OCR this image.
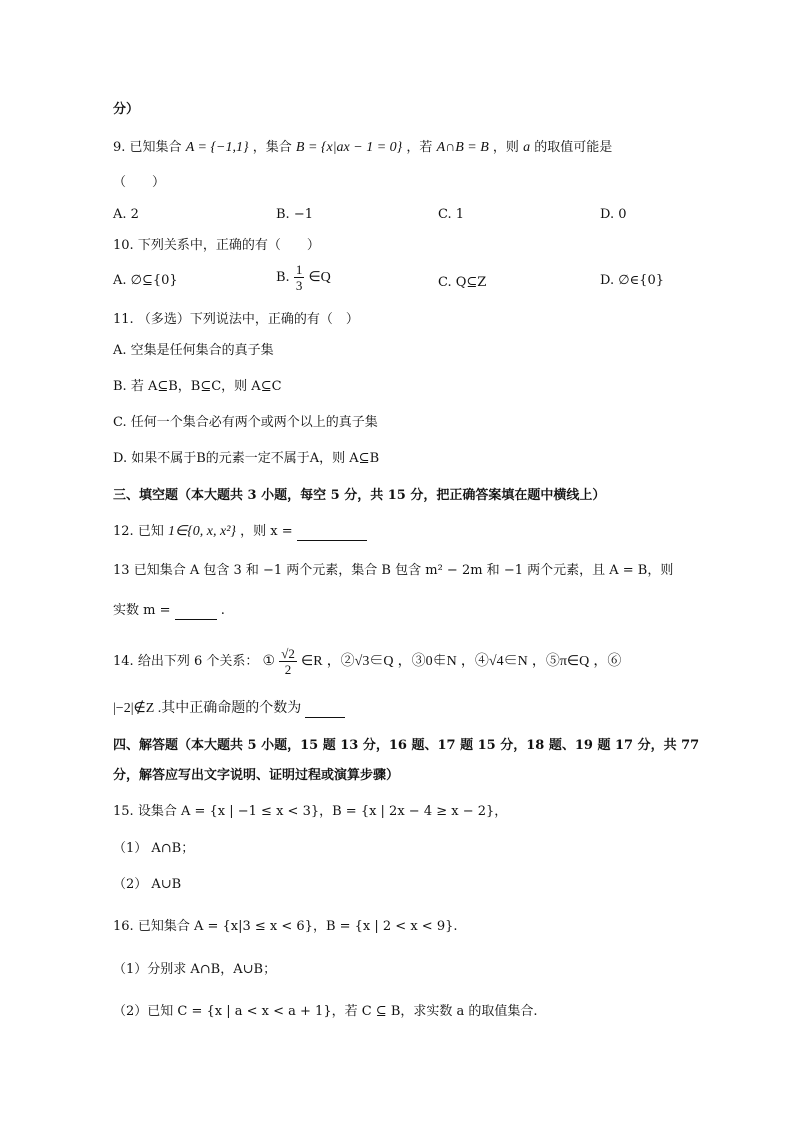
分）
9. 已知集合 A = {−1,1} ，集合 B = {x|ax − 1 = 0} ，若 A∩B = B ，则 a 的取值可能是
（　　）
A. 2	B. −1	C. 1	D. 0
10. 下列关系中，正确的有（　　）
A. ∅⊆{0}	B. $\frac{1}{3}$ ∈Q	C. Q⊆Z	D. ∅∈{0}
11. （多选）下列说法中，正确的有（　）
A. 空集是任何集合的真子集
B. 若 A⊆B，B⊆C，则 A⊆C
C. 任何一个集合必有两个或两个以上的真子集
D. 如果不属于B的元素一定不属于A，则 A⊆B
三、填空题（本大题共 3 小题，每空 5 分，共 15 分，把正确答案填在题中横线上）
12. 已知 1∈{0, x, x²} ，则 x =
13 已知集合 A 包含 3 和 −1 两个元素，集合 B 包含 m² − 2m 和 −1 两个元素，且 A = B，则
实数 m =	.
14. 给出下列 6 个关系： ① $\frac{√2}{2}$ ∈R ，②√3∈Q ，③0∉N ，④√4∈N ，⑤π∈Q ，⑥
|−2|∉Z .其中正确命题的个数为
四、解答题（本大题共 5 小题，15 题 13 分，16 题、17 题 15 分，18 题、19 题 17 分，共 77
分，解答应写出文字说明、证明过程或演算步骤）
15. 设集合 A = {x | −1 ≤ x < 3}，B = {x | 2x − 4 ≥ x − 2}，
（1） A∩B；
（2） A∪B
16. 已知集合 A = {x|3 ≤ x < 6}，B = {x | 2 < x < 9}.
（1）分别求 A∩B，A∪B；
（2）已知 C = {x | a < x < a + 1}，若 C ⊆ B，求实数 a 的取值集合.
